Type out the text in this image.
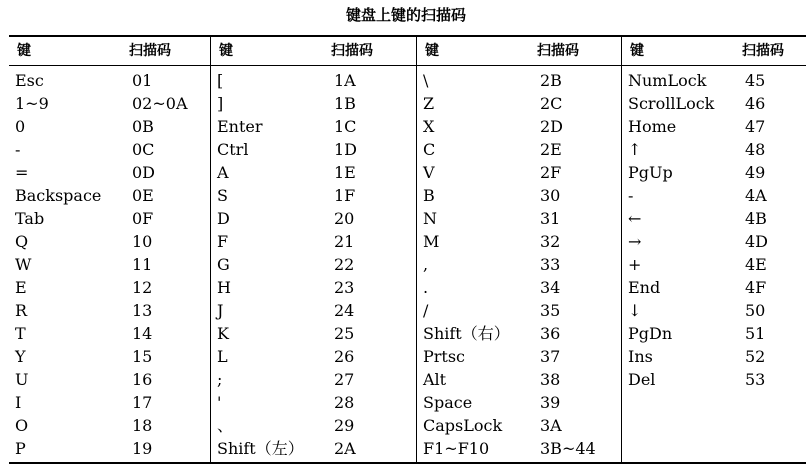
键盘上键的扫描码
键	扫描码
Esc	01
1~9	02~0A
0	0B
-	0C
=	0D
Backspace 0E
Tab	0F
Q	10
W	11
E	12
R	13
T	14
Y	15
U	16
I	17
O	18
P	19
键	扫描码
[	1A
]	1B
Enter	1C
Ctrl	1D
A	1E
S	1F
D	20
F	21
G	22
H	23
J	24
K	25
L	26
;	27
'	28
、	29
Shift（左） 2A
键	扫描码
\	2B
Z	2C
X	2D
C	2E
V	2F
B	30
N	31
M	32
,	33
.	34
/	35
Shift（右） 36
Prtsc	37
Alt	38
Space	39
CapsLock 3A
F1~F10	3B~44
键	扫描码
NumLock 45
ScrollLock 46
Home	47
↑	48
PgUp	49
-	4A
←	4B
→	4D
+	4E
End	4F
↓	50
PgDn	51
Ins	52
Del	53
